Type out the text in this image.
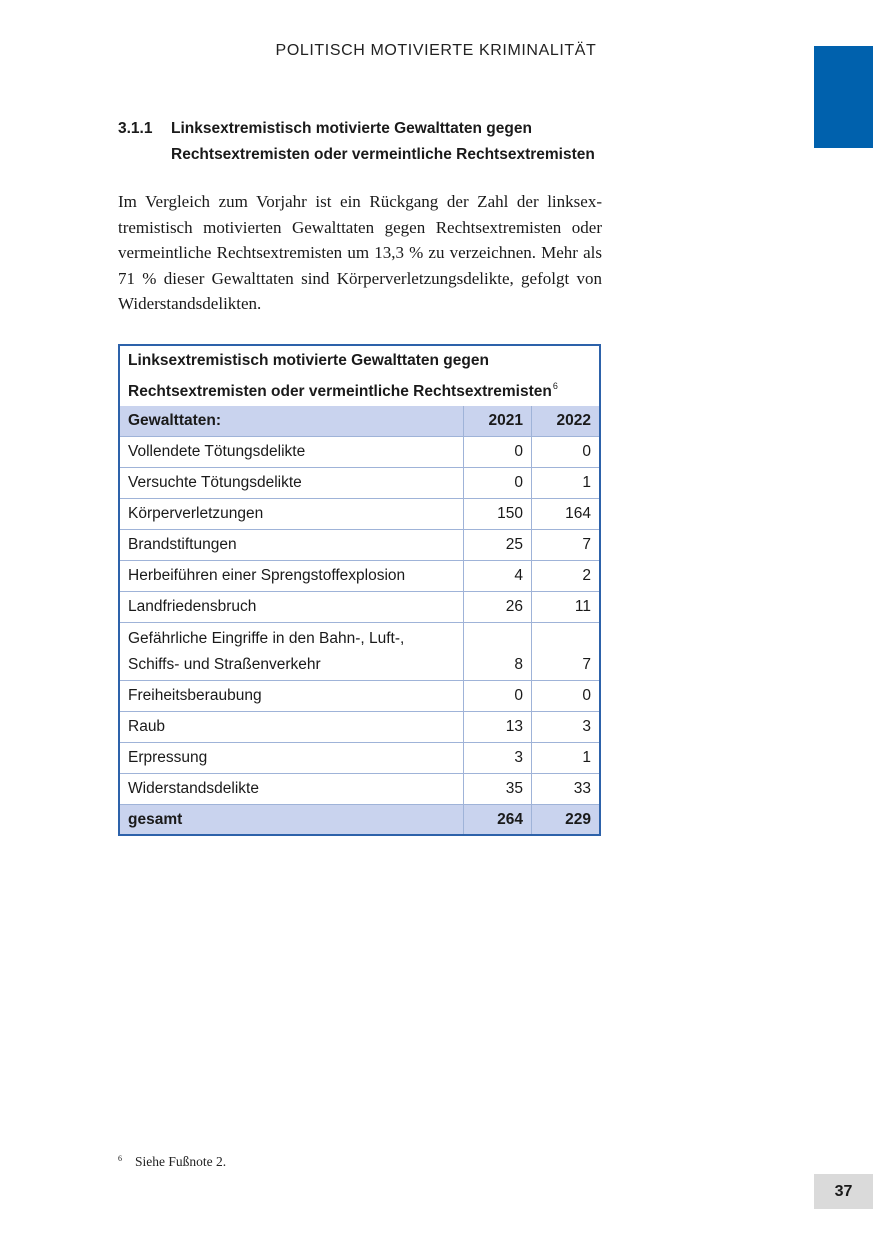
POLITISCH MOTIVIERTE KRIMINALITÄT
3.1.1 Linksextremistisch motivierte Gewalttaten gegen
Rechtsextremisten oder vermeintliche Rechtsextremisten
Im Vergleich zum Vorjahr ist ein Rückgang der Zahl der linksextremistisch motivierten Gewalttaten gegen Rechtsextremisten oder vermeintliche Rechtsextremisten um 13,3 % zu verzeichnen. Mehr als 71 % dieser Gewalttaten sind Körperverletzungsdelikte, gefolgt von Widerstandsdelikten.
Linksextremistisch motivierte Gewalttaten gegen
Rechtsextremisten oder vermeintliche Rechtsextremisten$^6$

Gewalttaten:	2021	2022
Vollendete Tötungsdelikte	0	0
Versuchte Tötungsdelikte	0	1
Körperverletzungen	150	164
Brandstiftungen	25	7
Herbeiführen einer Sprengstoffexplosion	4	2
Landfriedensbruch	26	11

Gefährliche Eingriffe in den Bahn-, Luft-,
Schiffs- und Straßenverkehr	8	7
Freiheitsberaubung	0	0
Raub	13	3
Erpressung	3	1
Widerstandsdelikte	35	33
gesamt	264	229
$^6$ Siehe Fußnote 2.
37
